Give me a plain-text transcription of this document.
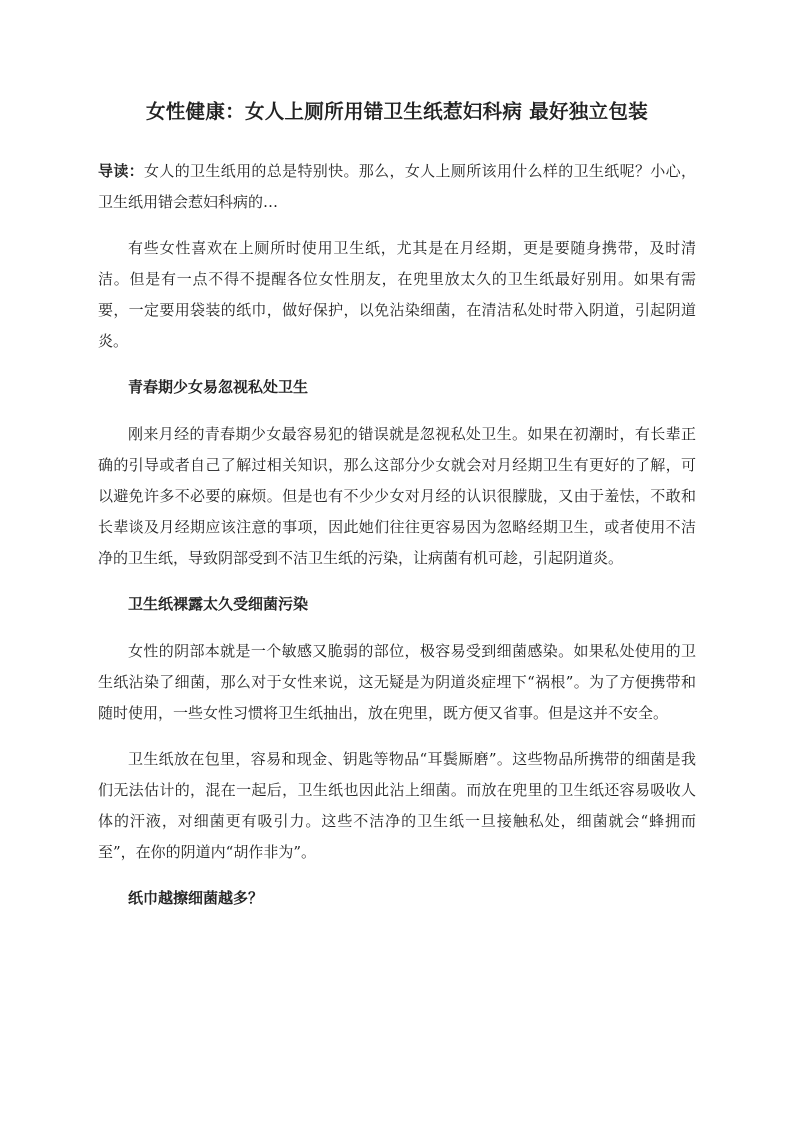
女性健康：女人上厕所用错卫生纸惹妇科病 最好独立包装

导读：女人的卫生纸用的总是特别快。那么，女人上厕所该用什么样的卫生纸呢？小心，卫生纸用错会惹妇科病的…

有些女性喜欢在上厕所时使用卫生纸，尤其是在月经期，更是要随身携带，及时清洁。但是有一点不得不提醒各位女性朋友，在兜里放太久的卫生纸最好别用。如果有需要，一定要用袋装的纸巾，做好保护，以免沾染细菌，在清洁私处时带入阴道，引起阴道炎。

青春期少女易忽视私处卫生

刚来月经的青春期少女最容易犯的错误就是忽视私处卫生。如果在初潮时，有长辈正确的引导或者自己了解过相关知识，那么这部分少女就会对月经期卫生有更好的了解，可以避免许多不必要的麻烦。但是也有不少少女对月经的认识很朦胧，又由于羞怯，不敢和长辈谈及月经期应该注意的事项，因此她们往往更容易因为忽略经期卫生，或者使用不洁净的卫生纸，导致阴部受到不洁卫生纸的污染，让病菌有机可趁，引起阴道炎。

卫生纸裸露太久受细菌污染

女性的阴部本就是一个敏感又脆弱的部位，极容易受到细菌感染。如果私处使用的卫生纸沾染了细菌，那么对于女性来说，这无疑是为阴道炎症埋下“祸根”。为了方便携带和随时使用，一些女性习惯将卫生纸抽出，放在兜里，既方便又省事。但是这并不安全。

卫生纸放在包里，容易和现金、钥匙等物品“耳鬓厮磨”。这些物品所携带的细菌是我们无法估计的，混在一起后，卫生纸也因此沾上细菌。而放在兜里的卫生纸还容易吸收人体的汗液，对细菌更有吸引力。这些不洁净的卫生纸一旦接触私处，细菌就会“蜂拥而至”，在你的阴道内“胡作非为”。

纸巾越擦细菌越多？
